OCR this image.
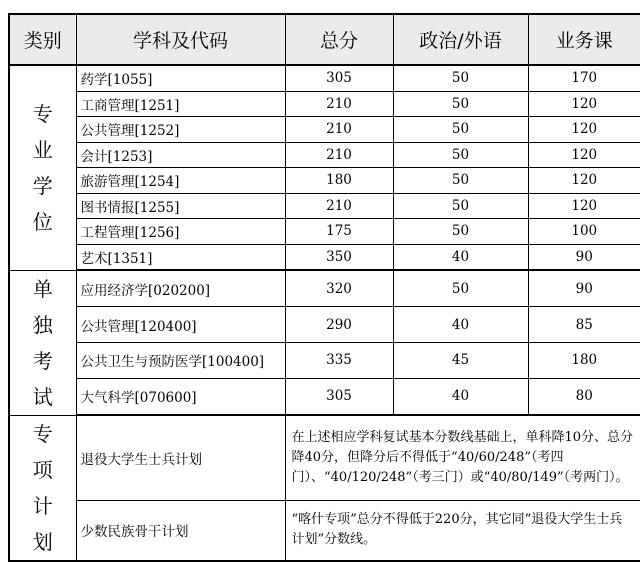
类别	学科及代码	总分	政治/外语	业务课

专
业
学
位	药学[1055]	305	50	170
	工商管理[1251]	210	50	120
	公共管理[1252]	210	50	120
	会计[1253]	210	50	120
	旅游管理[1254]	180	50	120
	图书情报[1255]	210	50	120
	工程管理[1256]	175	50	100
	艺术[1351]	350	40	90

单
独
考
试	应用经济学[020200]	320	50	90
	公共管理[120400]	290	40	85
	公共卫生与预防医学[100400]	335	45	180
	大气科学[070600]	305	40	80

专
项
计
划	退役大学生士兵计划	在上述相应学科复试基本分数线基础上，单科降10分、总分降40分，但降分后不得低于“40/60/248”（考四门）、“40/120/248”（考三门）或“40/80/149”（考两门）。		
	少数民族骨干计划	“喀什专项”总分不得低于220分，其它同“退役大学生士兵计划”分数线。		
